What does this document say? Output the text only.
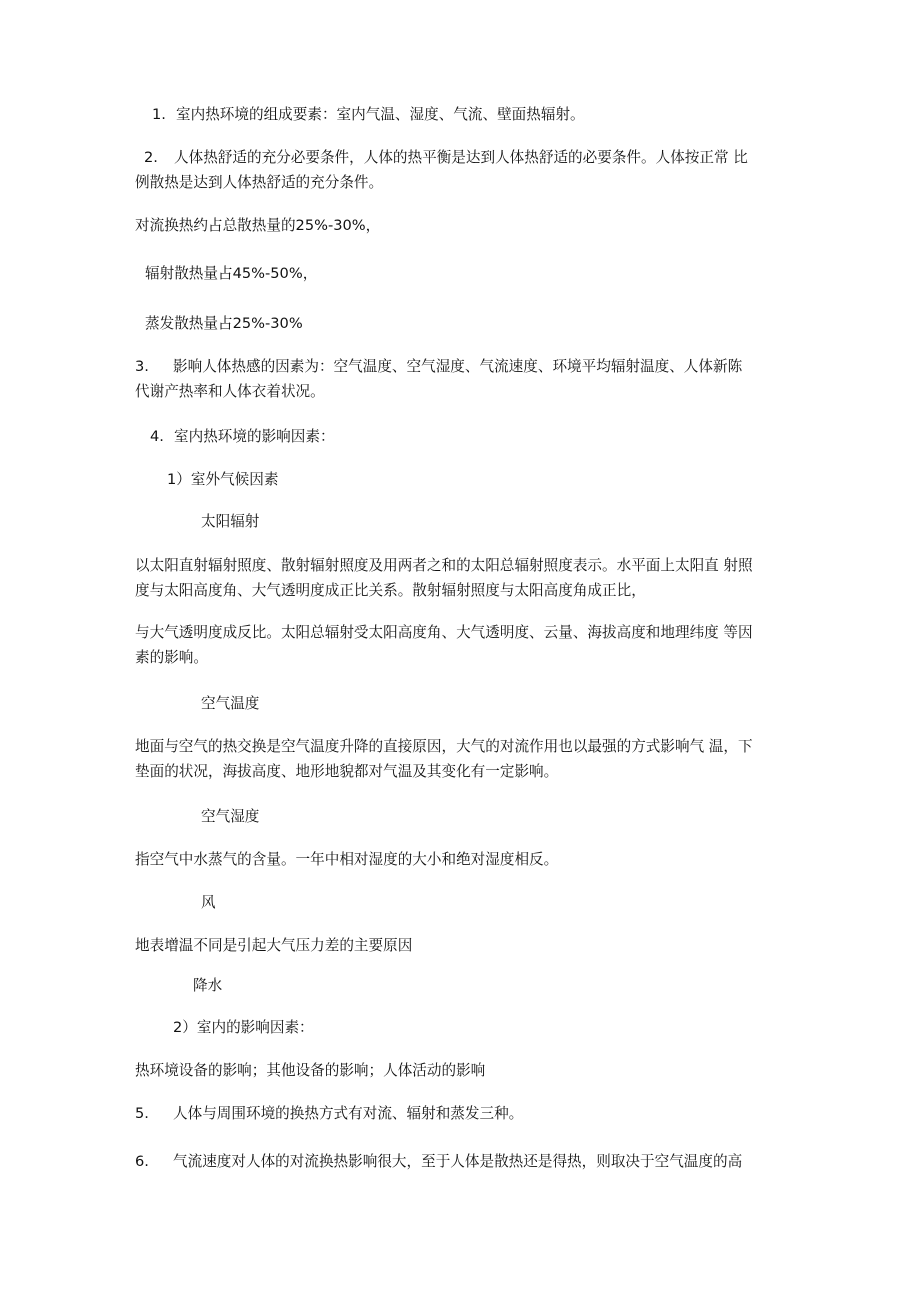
1. 室内热环境的组成要素：室内气温、湿度、气流、壁面热辐射。
2. 人体热舒适的充分必要条件，人体的热平衡是达到人体热舒适的必要条件。人体按正常 比
例散热是达到人体热舒适的充分条件。
对流换热约占总散热量的25%-30%，
辐射散热量占45%-50%，
蒸发散热量占25%-30%
3. 影响人体热感的因素为：空气温度、空气湿度、气流速度、环境平均辐射温度、人体新陈
代谢产热率和人体衣着状况。
4. 室内热环境的影响因素：
1）室外气候因素
太阳辐射
以太阳直射辐射照度、散射辐射照度及用两者之和的太阳总辐射照度表示。水平面上太阳直 射照
度与太阳高度角、大气透明度成正比关系。散射辐射照度与太阳高度角成正比，
与大气透明度成反比。太阳总辐射受太阳高度角、大气透明度、云量、海拔高度和地理纬度 等因
素的影响。
空气温度
地面与空气的热交换是空气温度升降的直接原因，大气的对流作用也以最强的方式影响气 温，下
垫面的状况，海拔高度、地形地貌都对气温及其变化有一定影响。
空气湿度
指空气中水蒸气的含量。一年中相对湿度的大小和绝对湿度相反。
风
地表增温不同是引起大气压力差的主要原因
降水
2）室内的影响因素：
热环境设备的影响；其他设备的影响；人体活动的影响
5. 人体与周围环境的换热方式有对流、辐射和蒸发三种。
6. 气流速度对人体的对流换热影响很大，至于人体是散热还是得热，则取决于空气温度的高
